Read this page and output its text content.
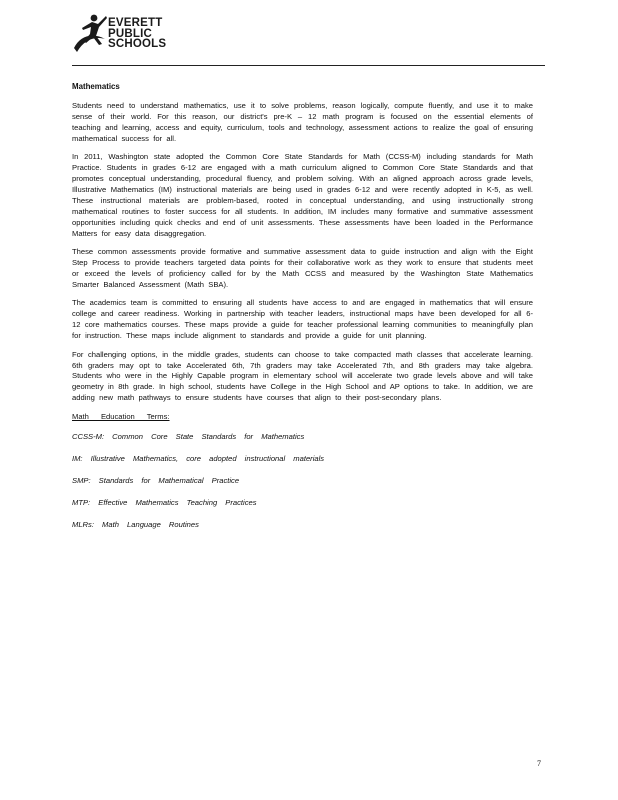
EVERETT
PUBLIC
SCHOOLS
Mathematics

Students need to understand mathematics, use it to solve problems, reason logically, compute fluently, and use it to make sense of their world. For this reason, our district's pre-K – 12 math program is focused on the essential elements of teaching and learning, access and equity, curriculum, tools and technology, assessment actions to realize the goal of ensuring mathematical success for all.

In 2011, Washington state adopted the Common Core State Standards for Math (CCSS-M) including standards for Math Practice. Students in grades 6-12 are engaged with a math curriculum aligned to Common Core State Standards and that promotes conceptual understanding, procedural fluency, and problem solving. With an aligned approach across grade levels, Illustrative Mathematics (IM) instructional materials are being used in grades 6-12 and were recently adopted in K-5, as well. These instructional materials are problem-based, rooted in conceptual understanding, and using instructionally strong mathematical routines to foster success for all students. In addition, IM includes many formative and summative assessment opportunities including quick checks and end of unit assessments. These assessments have been loaded in the Performance Matters for easy data disaggregation.

These common assessments provide formative and summative assessment data to guide instruction and align with the Eight Step Process to provide teachers targeted data points for their collaborative work as they work to ensure that students meet or exceed the levels of proficiency called for by the Math CCSS and measured by the Washington State Mathematics Smarter Balanced Assessment (Math SBA).

The academics team is committed to ensuring all students have access to and are engaged in mathematics that will ensure college and career readiness. Working in partnership with teacher leaders, instructional maps have been developed for all 6-12 core mathematics courses. These maps provide a guide for teacher professional learning communities to meaningfully plan for instruction. These maps include alignment to standards and provide a guide for unit planning.

For challenging options, in the middle grades, students can choose to take compacted math classes that accelerate learning. 6th graders may opt to take Accelerated 6th, 7th graders may take Accelerated 7th, and 8th graders may take algebra. Students who were in the Highly Capable program in elementary school will accelerate two grade levels above and will take geometry in 8th grade. In high school, students have College in the High School and AP options to take. In addition, we are adding new math pathways to ensure students have courses that align to their post-secondary plans.

Math Education Terms:
CCSS-M: Common Core State Standards for Mathematics
IM: Illustrative Mathematics, core adopted instructional materials
SMP: Standards for Mathematical Practice
MTP: Effective Mathematics Teaching Practices
MLRs: Math Language Routines
7
